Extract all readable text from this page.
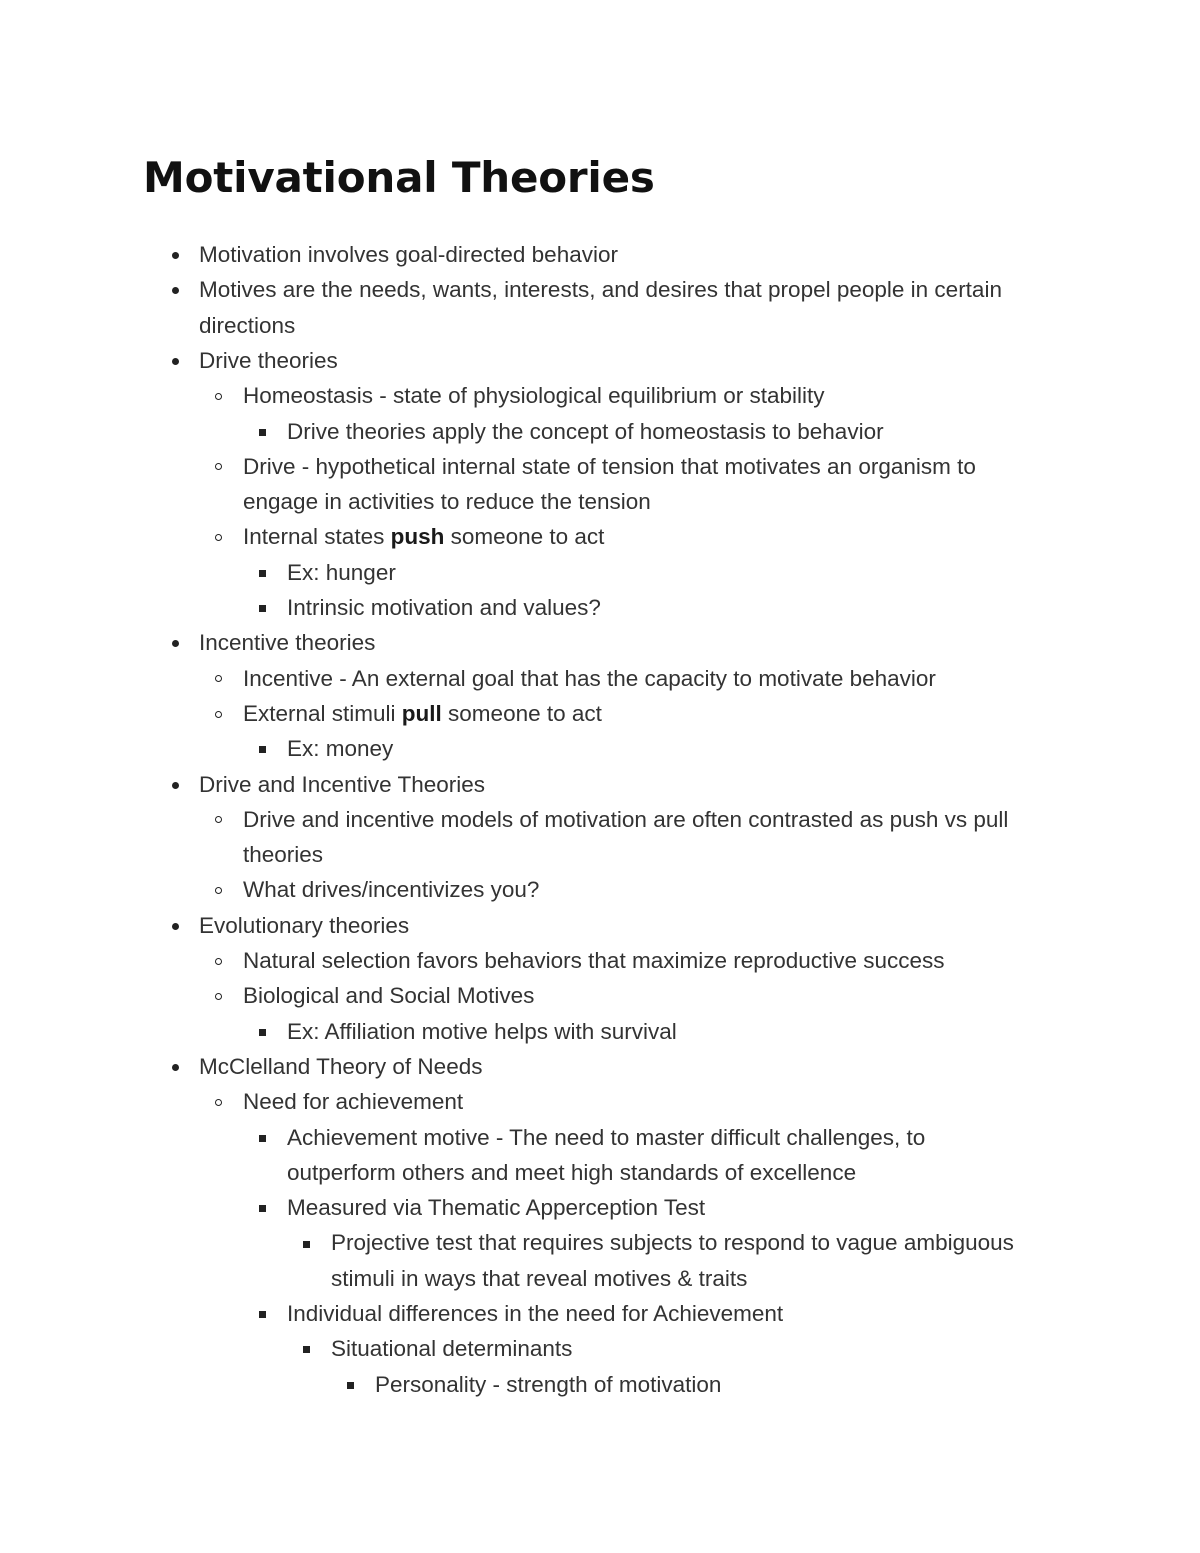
Motivational Theories
Motivation involves goal-directed behavior
Motives are the needs, wants, interests, and desires that propel people in certain
directions
Drive theories
Homeostasis - state of physiological equilibrium or stability
Drive theories apply the concept of homeostasis to behavior
Drive - hypothetical internal state of tension that motivates an organism to
engage in activities to reduce the tension
Internal states push someone to act
Ex: hunger
Intrinsic motivation and values?
Incentive theories
Incentive - An external goal that has the capacity to motivate behavior
External stimuli pull someone to act
Ex: money
Drive and Incentive Theories
Drive and incentive models of motivation are often contrasted as push vs pull
theories
What drives/incentivizes you?
Evolutionary theories
Natural selection favors behaviors that maximize reproductive success
Biological and Social Motives
Ex: Affiliation motive helps with survival
McClelland Theory of Needs
Need for achievement
Achievement motive - The need to master difficult challenges, to
outperform others and meet high standards of excellence
Measured via Thematic Apperception Test
Projective test that requires subjects to respond to vague ambiguous
stimuli in ways that reveal motives & traits
Individual differences in the need for Achievement
Situational determinants
Personality - strength of motivation
